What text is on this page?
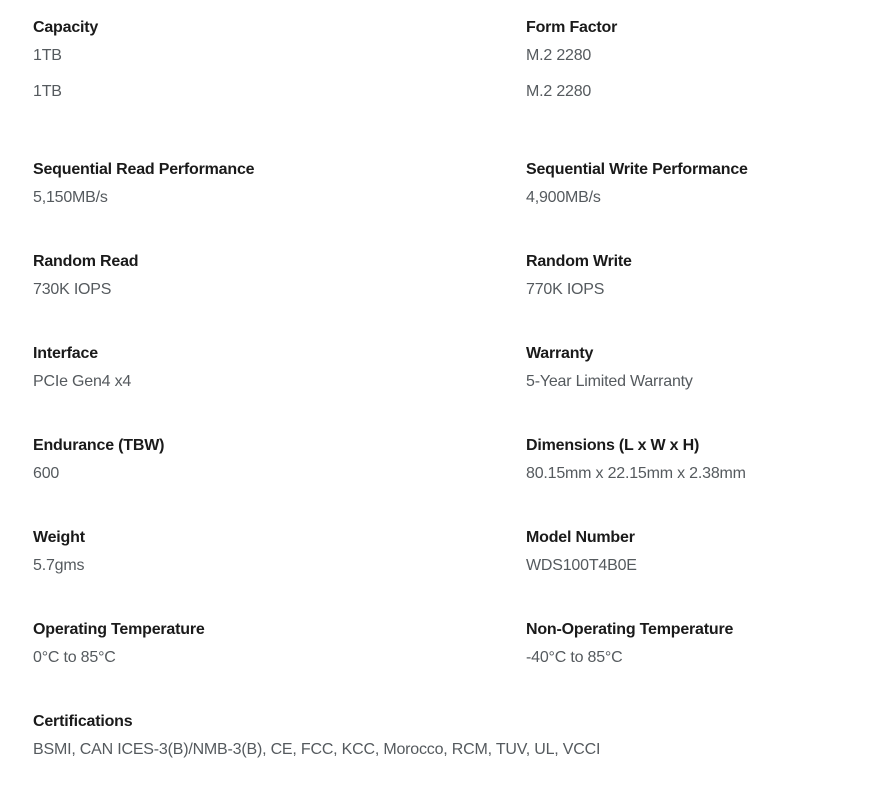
Capacity
1TB
Form Factor
M.2 2280
1TB	M.2 2280
Sequential Read Performance
5,150MB/s
Sequential Write Performance
4,900MB/s
Random Read
730K IOPS
Random Write
770K IOPS
Interface
PCIe Gen4 x4
Warranty
5-Year Limited Warranty
Endurance (TBW)
600
Dimensions (L x W x H)
80.15mm x 22.15mm x 2.38mm
Weight
5.7gms
Model Number
WDS100T4B0E
Operating Temperature
0°C to 85°C
Non-Operating Temperature
-40°C to 85°C
Certifications
BSMI, CAN ICES-3(B)/NMB-3(B), CE, FCC, KCC, Morocco, RCM, TUV, UL, VCCI
